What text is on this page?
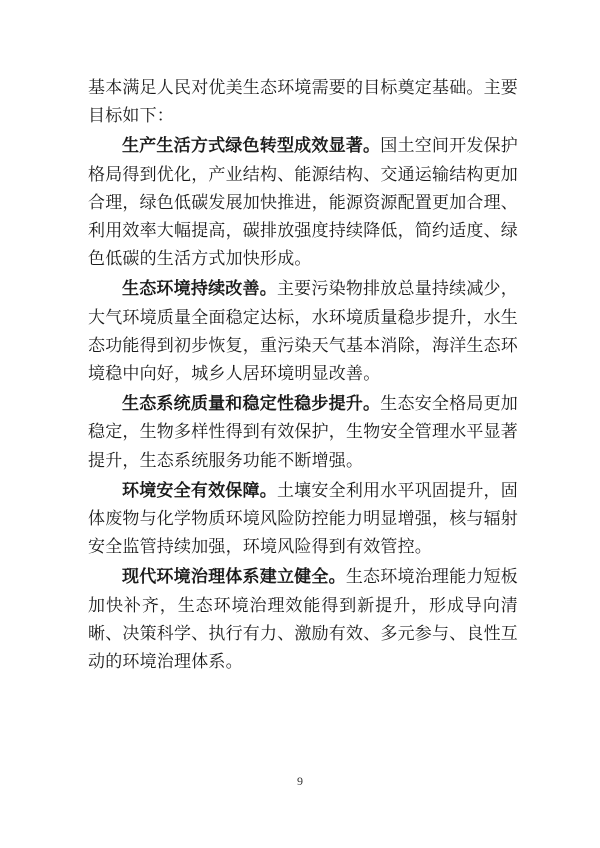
基本满足人民对优美生态环境需要的目标奠定基础。主要目标如下：

生产生活方式绿色转型成效显著。国土空间开发保护格局得到优化，产业结构、能源结构、交通运输结构更加合理，绿色低碳发展加快推进，能源资源配置更加合理、利用效率大幅提高，碳排放强度持续降低，简约适度、绿色低碳的生活方式加快形成。

生态环境持续改善。主要污染物排放总量持续减少，大气环境质量全面稳定达标，水环境质量稳步提升，水生态功能得到初步恢复，重污染天气基本消除，海洋生态环境稳中向好，城乡人居环境明显改善。

生态系统质量和稳定性稳步提升。生态安全格局更加稳定，生物多样性得到有效保护，生物安全管理水平显著提升，生态系统服务功能不断增强。

环境安全有效保障。土壤安全利用水平巩固提升，固体废物与化学物质环境风险防控能力明显增强，核与辐射安全监管持续加强，环境风险得到有效管控。

现代环境治理体系建立健全。生态环境治理能力短板加快补齐，生态环境治理效能得到新提升，形成导向清晰、决策科学、执行有力、激励有效、多元参与、良性互动的环境治理体系。

9
